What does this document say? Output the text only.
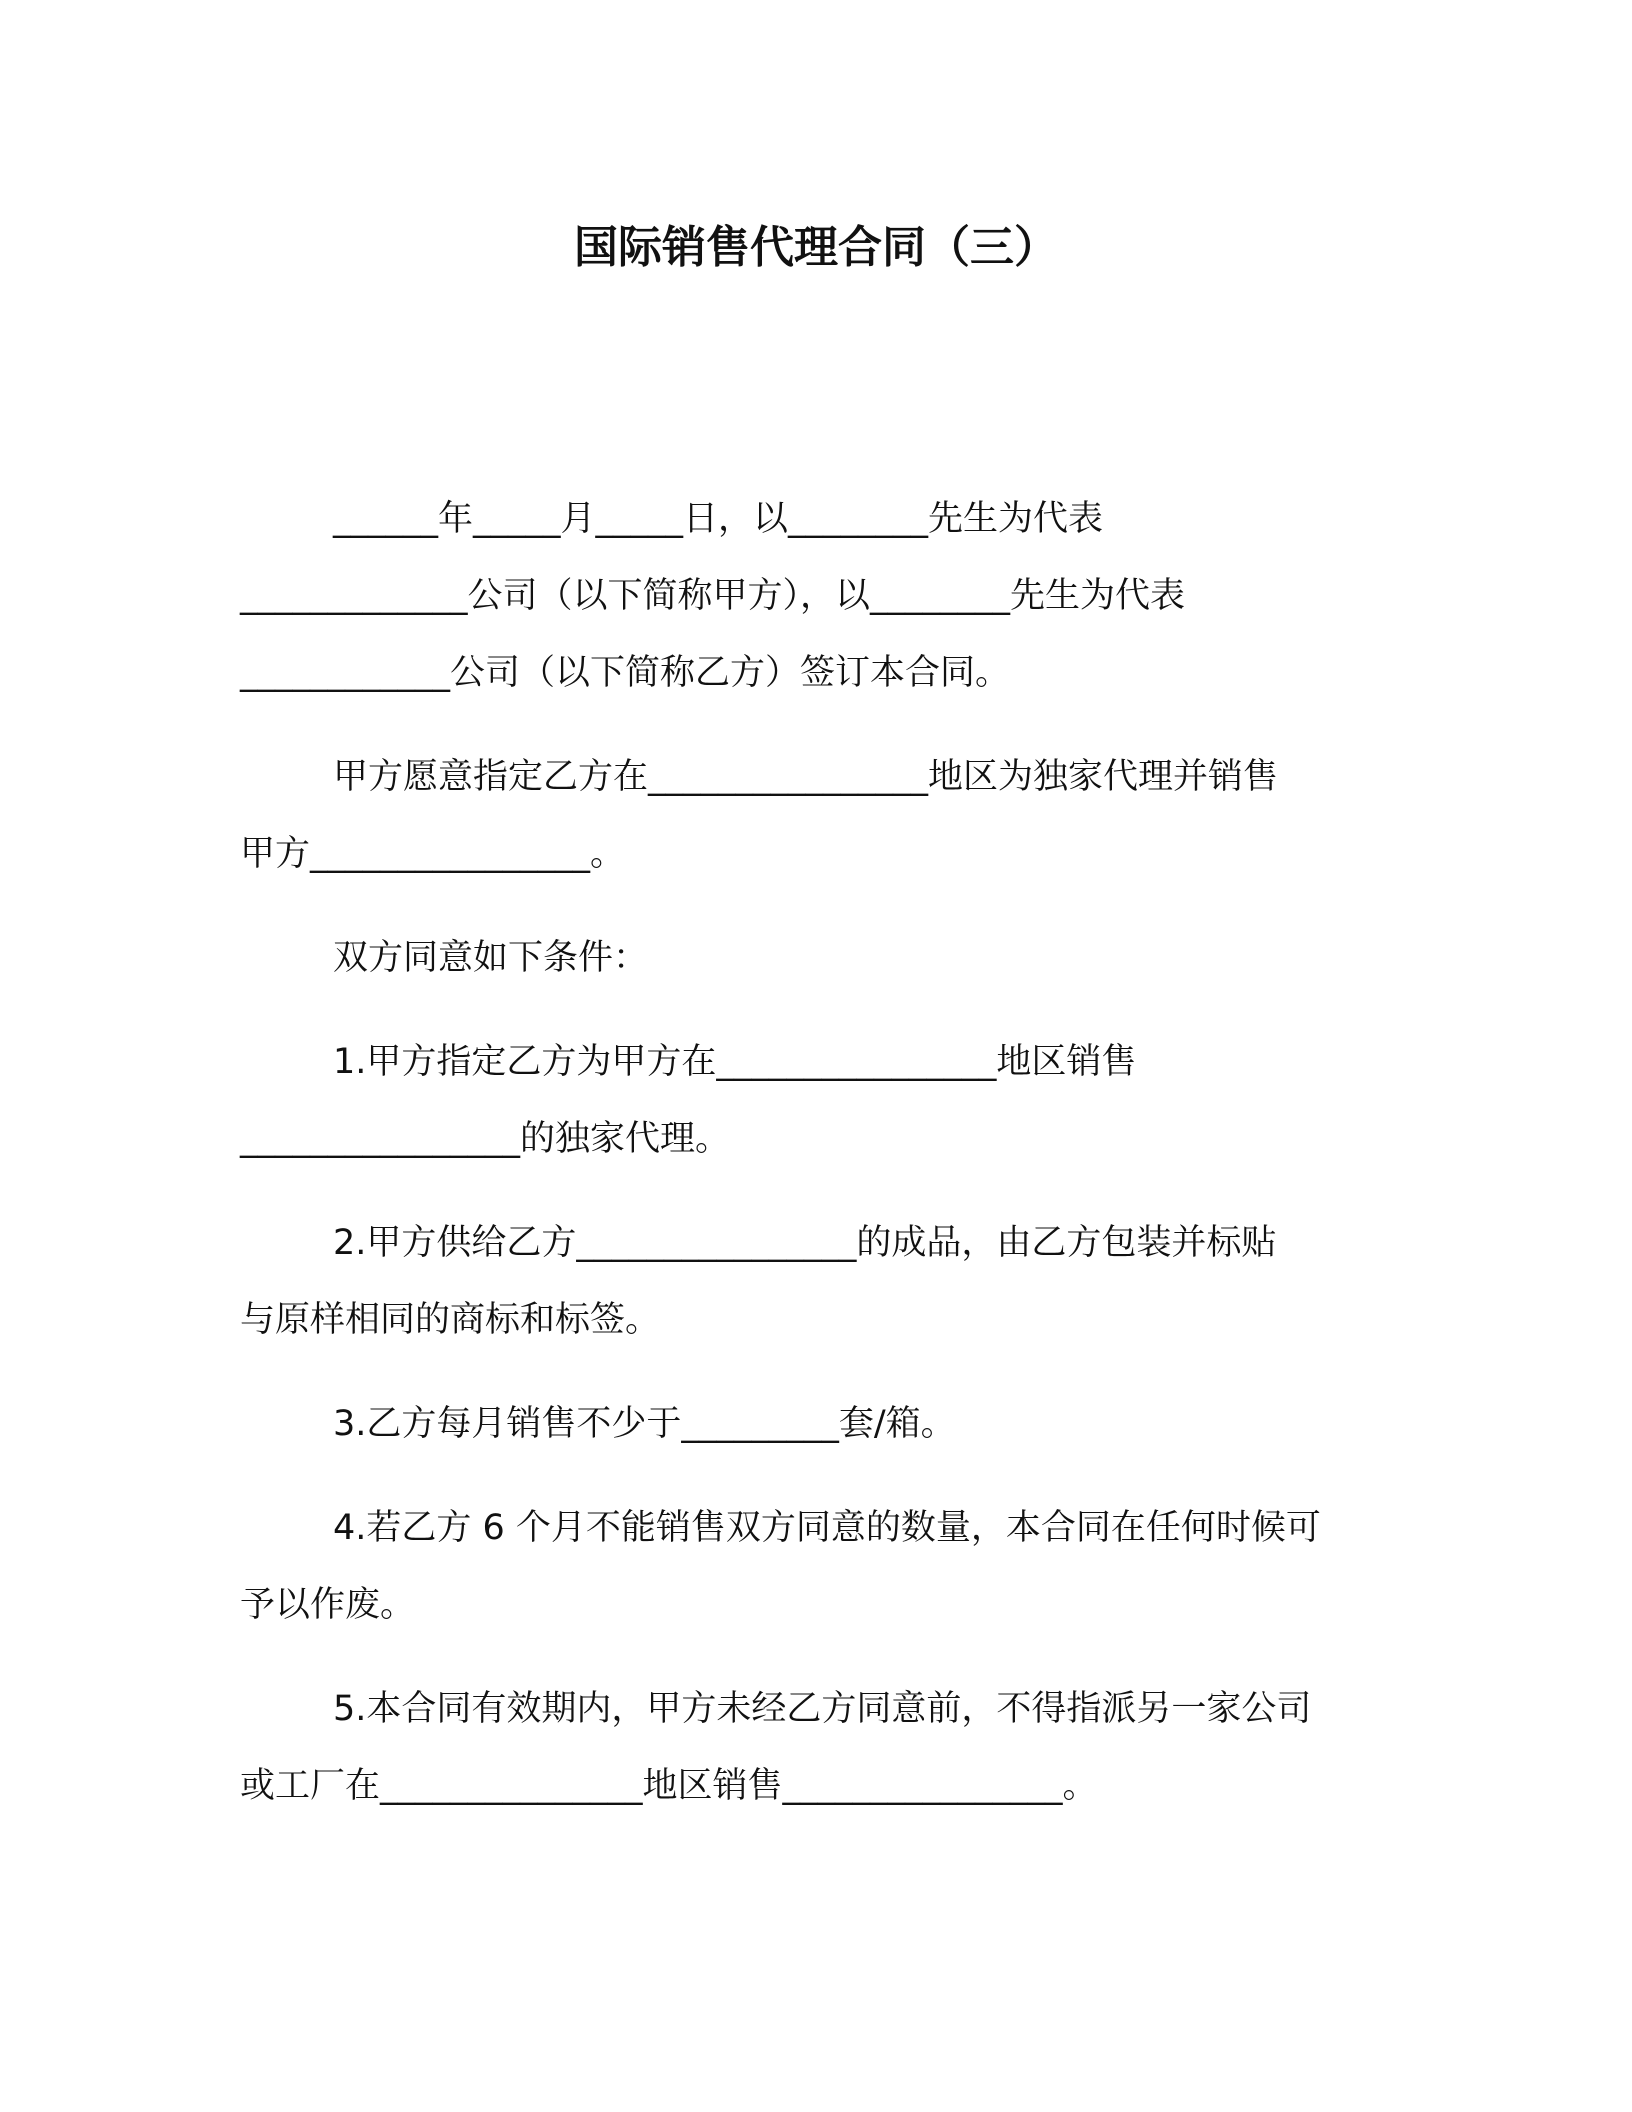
国际销售代理合同（三）
______年_____月_____日，以________先生为代表
_____________公司（以下简称甲方），以________先生为代表
____________公司（以下简称乙方）签订本合同。
甲方愿意指定乙方在________________地区为独家代理并销售
甲方________________。
双方同意如下条件：
1.甲方指定乙方为甲方在________________地区销售
________________的独家代理。
2.甲方供给乙方________________的成品，由乙方包装并标贴
与原样相同的商标和标签。
3.乙方每月销售不少于_________套/箱。
4.若乙方 6 个月不能销售双方同意的数量，本合同在任何时候可
予以作废。
5.本合同有效期内，甲方未经乙方同意前，不得指派另一家公司
或工厂在_______________地区销售________________。
